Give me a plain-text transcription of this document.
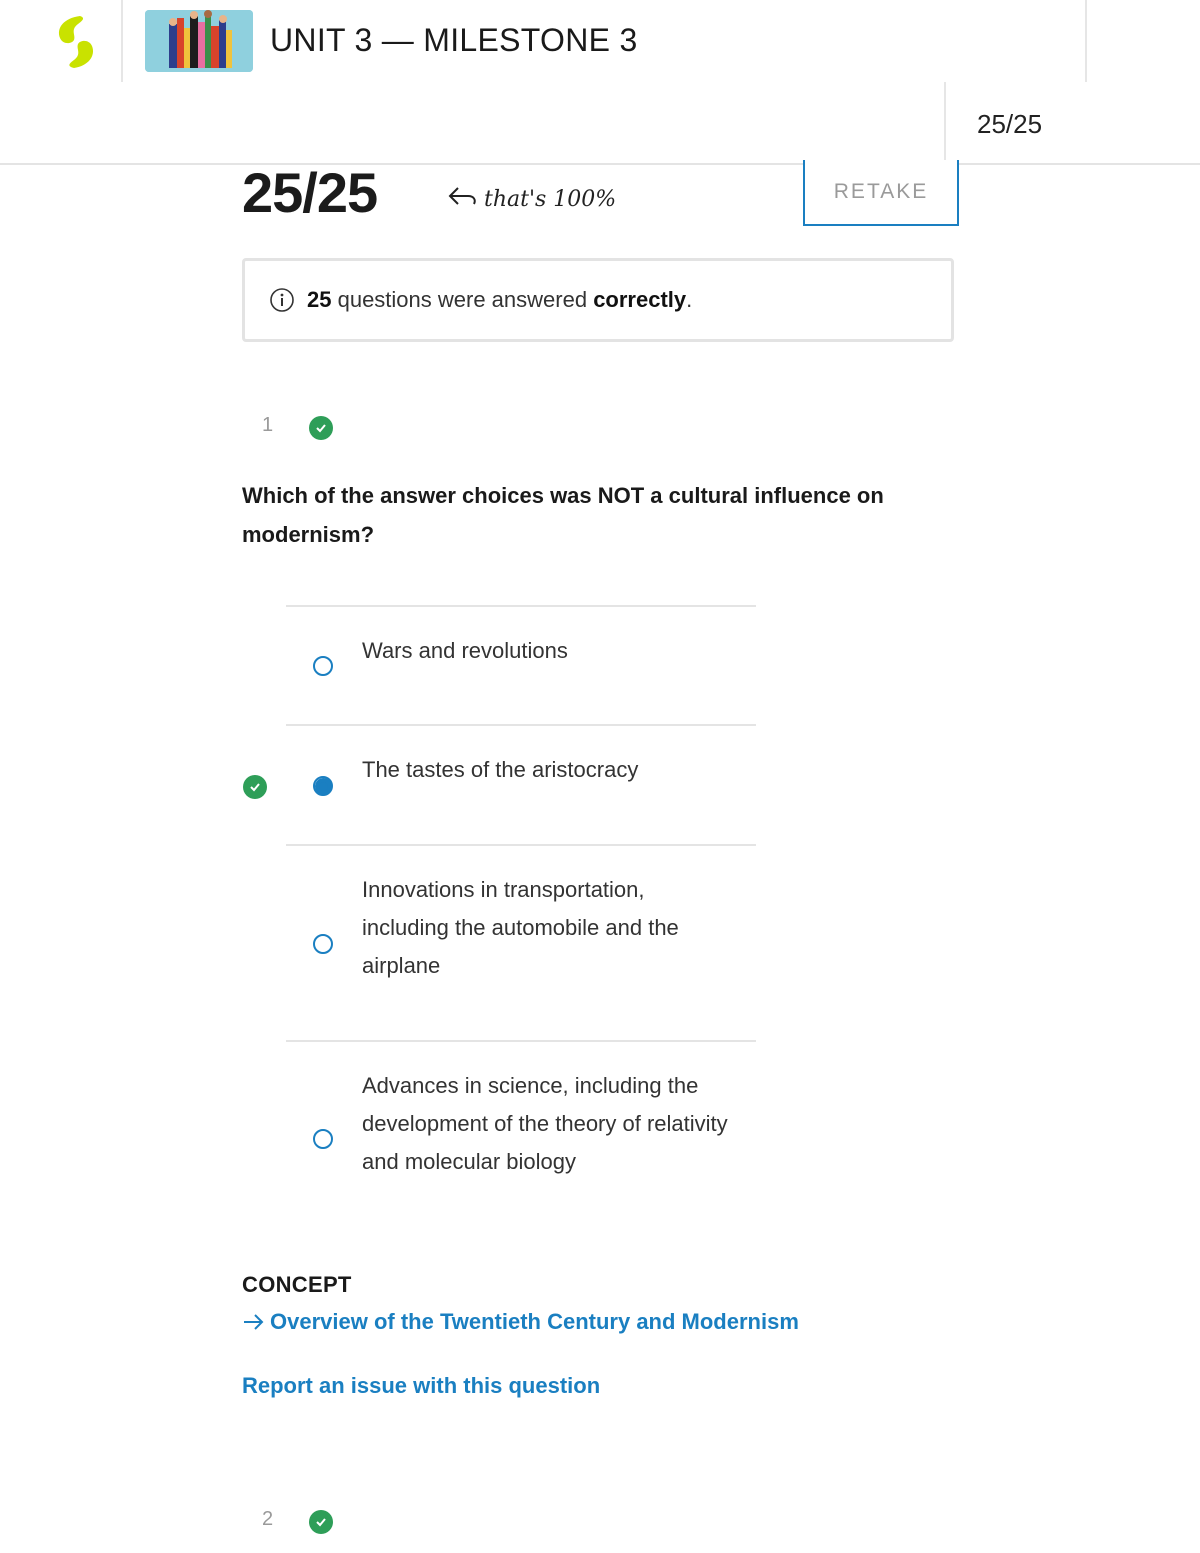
UNIT 3 — MILESTONE 3
25/25
25/25	that's 100%	RETAKE
25 questions were answered correctly .
1
Which of the answer choices was NOT a cultural influence on modernism?
Wars and revolutions
The tastes of the aristocracy
Innovations in transportation, including the automobile and the airplane
Advances in science, including the development of the theory of relativity and molecular biology
CONCEPT
Overview of the Twentieth Century and Modernism
Report an issue with this question
2
